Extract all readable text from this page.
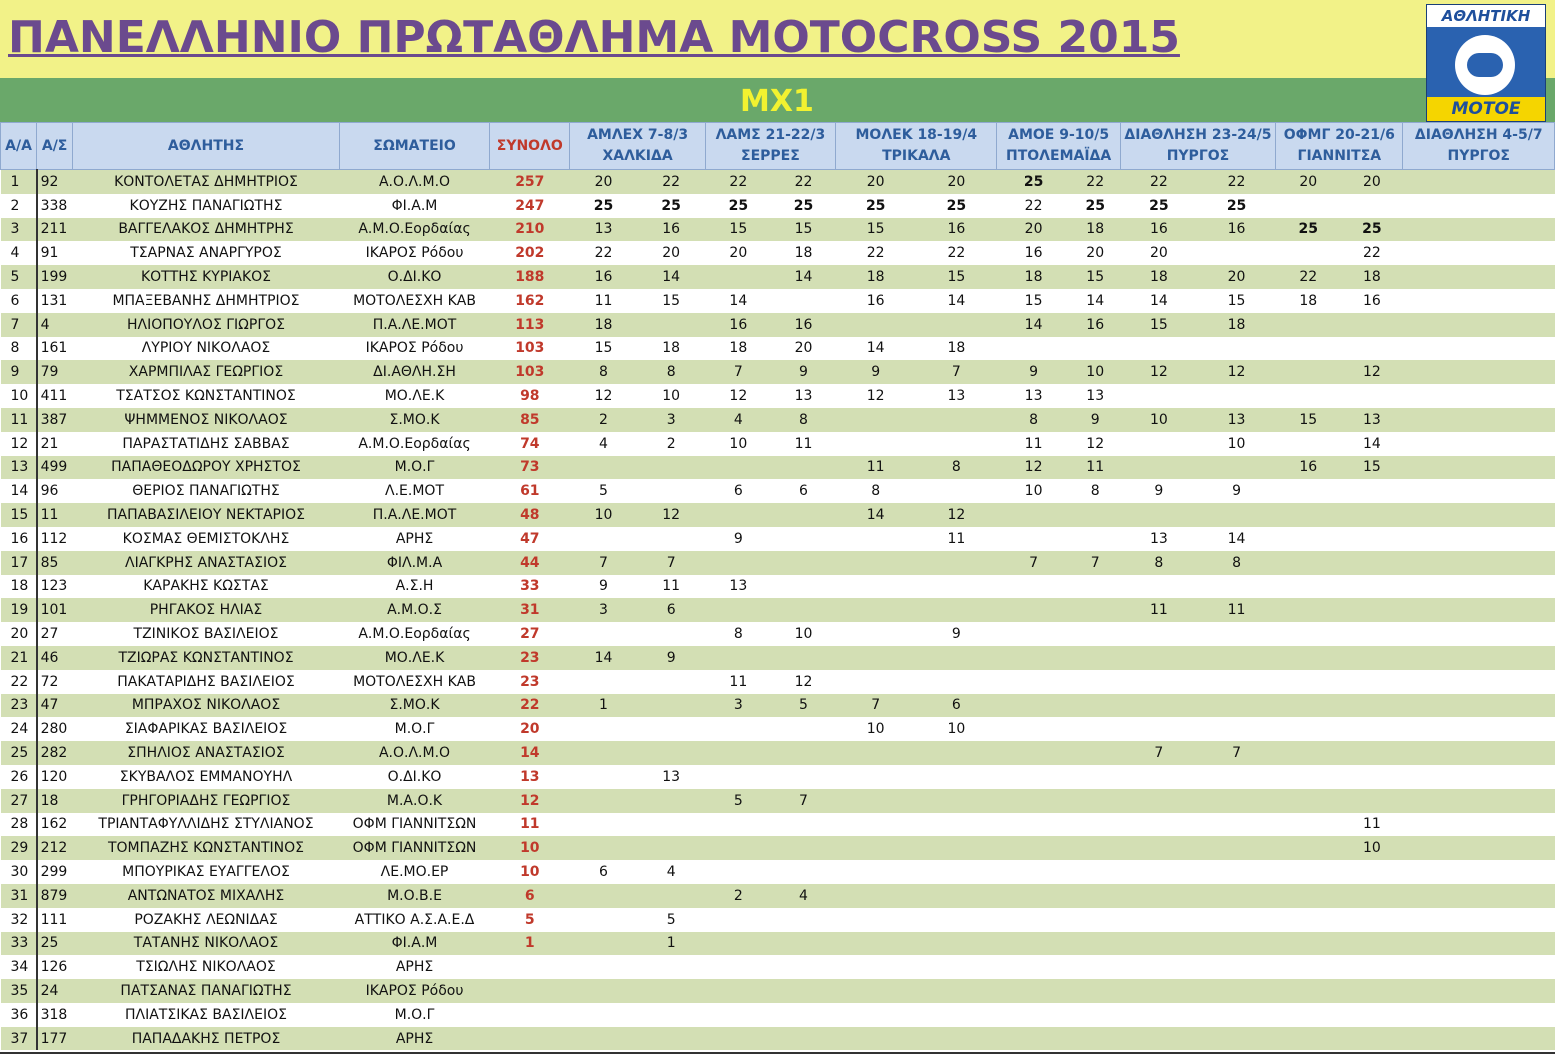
ΠΑΝΕΛΛΗΝΙΟ ΠΡΩΤΑΘΛΗΜΑ MOTOCROSS 2015
MX1
ΑΘΛΗΤΙΚΗ
ΜΟΤΟΕ
Α/Α	Α/Σ	ΑΘΛΗΤΗΣ	ΣΩΜΑΤΕΙΟ	ΣΥΝΟΛΟ	ΑΜΛΕΧ 7-8/3
ΧΑΛΚΙΔΑ		ΛΑΜΣ 21-22/3
ΣΕΡΡΕΣ		ΜΟΛΕΚ 18-19/4
ΤΡΙΚΑΛΑ		ΑΜΟΕ 9-10/5
ΠΤΟΛΕΜΑΪΔΑ		ΔΙΑΘΛΗΣΗ 23-24/5
ΠΥΡΓΟΣ		ΟΦΜΓ 20-21/6
ΓΙΑΝΝΙΤΣΑ		ΔΙΑΘΛΗΣΗ 4-5/7
ΠΥΡΓΟΣ	
1	92	ΚΟΝΤΟΛΕΤΑΣ ΔΗΜΗΤΡΙΟΣ	Α.Ο.Λ.Μ.Ο	257	20	22	22	22	20	20	25	22	22	22	20	20		
2	338	ΚΟΥΖΗΣ ΠΑΝΑΓΙΩΤΗΣ	ΦΙ.Α.Μ	247	25	25	25	25	25	25	22	25	25	25				
3	211	ΒΑΓΓΕΛΑΚΟΣ ΔΗΜΗΤΡΗΣ	Α.Μ.Ο.Εορδαίας	210	13	16	15	15	15	16	20	18	16	16	25	25		
4	91	ΤΣΑΡΝΑΣ ΑΝΑΡΓΥΡΟΣ	ΙΚΑΡΟΣ Ρόδου	202	22	20	20	18	22	22	16	20	20			22		
5	199	ΚΟΤΤΗΣ ΚΥΡΙΑΚΟΣ	Ο.ΔΙ.ΚΟ	188	16	14		14	18	15	18	15	18	20	22	18		
6	131	ΜΠΑΞΕΒΑΝΗΣ ΔΗΜΗΤΡΙΟΣ	ΜΟΤΟΛΕΣΧΗ ΚΑΒ	162	11	15	14		16	14	15	14	14	15	18	16		
7	4	ΗΛΙΟΠΟΥΛΟΣ ΓΙΩΡΓΟΣ	Π.Α.ΛΕ.ΜΟΤ	113	18		16	16			14	16	15	18				
8	161	ΛΥΡΙΟΥ ΝΙΚΟΛΑΟΣ	ΙΚΑΡΟΣ Ρόδου	103	15	18	18	20	14	18								
9	79	ΧΑΡΜΠΙΛΑΣ ΓΕΩΡΓΙΟΣ	ΔΙ.ΑΘΛΗ.ΣΗ	103	8	8	7	9	9	7	9	10	12	12		12		
10	411	ΤΣΑΤΣΟΣ ΚΩΝΣΤΑΝΤΙΝΟΣ	ΜΟ.ΛΕ.Κ	98	12	10	12	13	12	13	13	13						
11	387	ΨΗΜΜΕΝΟΣ ΝΙΚΟΛΑΟΣ	Σ.ΜΟ.Κ	85	2	3	4	8			8	9	10	13	15	13		
12	21	ΠΑΡΑΣΤΑΤΙΔΗΣ ΣΑΒΒΑΣ	Α.Μ.Ο.Εορδαίας	74	4	2	10	11			11	12		10		14		
13	499	ΠΑΠΑΘΕΟΔΩΡΟΥ ΧΡΗΣΤΟΣ	Μ.Ο.Γ	73					11	8	12	11			16	15		
14	96	ΘΕΡΙΟΣ ΠΑΝΑΓΙΩΤΗΣ	Λ.Ε.ΜΟΤ	61	5		6	6	8		10	8	9	9				
15	11	ΠΑΠΑΒΑΣΙΛΕΙΟΥ ΝΕΚΤΑΡΙΟΣ	Π.Α.ΛΕ.ΜΟΤ	48	10	12			14	12								
16	112	ΚΟΣΜΑΣ ΘΕΜΙΣΤΟΚΛΗΣ	ΑΡΗΣ	47			9			11			13	14				
17	85	ΛΙΑΓΚΡΗΣ ΑΝΑΣΤΑΣΙΟΣ	ΦΙΛ.Μ.Α	44	7	7					7	7	8	8				
18	123	ΚΑΡΑΚΗΣ ΚΩΣΤΑΣ	Α.Σ.Η	33	9	11	13											
19	101	ΡΗΓΑΚΟΣ ΗΛΙΑΣ	Α.Μ.Ο.Σ	31	3	6							11	11				
20	27	ΤΖΙΝΙΚΟΣ ΒΑΣΙΛΕΙΟΣ	Α.Μ.Ο.Εορδαίας	27			8	10		9								
21	46	ΤΖΙΩΡΑΣ ΚΩΝΣΤΑΝΤΙΝΟΣ	ΜΟ.ΛΕ.Κ	23	14	9												
22	72	ΠΑΚΑΤΑΡΙΔΗΣ ΒΑΣΙΛΕΙΟΣ	ΜΟΤΟΛΕΣΧΗ ΚΑΒ	23			11	12										
23	47	ΜΠΡΑΧΟΣ ΝΙΚΟΛΑΟΣ	Σ.ΜΟ.Κ	22	1		3	5	7	6								
24	280	ΣΙΑΦΑΡΙΚΑΣ ΒΑΣΙΛΕΙΟΣ	Μ.Ο.Γ	20					10	10								
25	282	ΣΠΗΛΙΟΣ ΑΝΑΣΤΑΣΙΟΣ	Α.Ο.Λ.Μ.Ο	14									7	7				
26	120	ΣΚΥΒΑΛΟΣ ΕΜΜΑΝΟΥΗΛ	Ο.ΔΙ.ΚΟ	13		13												
27	18	ΓΡΗΓΟΡΙΑΔΗΣ ΓΕΩΡΓΙΟΣ	Μ.Α.Ο.Κ	12			5	7										
28	162	ΤΡΙΑΝΤΑΦΥΛΛΙΔΗΣ ΣΤΥΛΙΑΝΟΣ	ΟΦΜ ΓΙΑΝΝΙΤΣΩΝ	11												11		
29	212	ΤΟΜΠΑΖΗΣ ΚΩΝΣΤΑΝΤΙΝΟΣ	ΟΦΜ ΓΙΑΝΝΙΤΣΩΝ	10												10		
30	299	ΜΠΟΥΡΙΚΑΣ ΕΥΑΓΓΕΛΟΣ	ΛΕ.ΜΟ.ΕΡ	10	6	4												
31	879	ΑΝΤΩΝΑΤΟΣ ΜΙΧΑΛΗΣ	Μ.Ο.Β.Ε	6			2	4										
32	111	ΡΟΖΑΚΗΣ ΛΕΩΝΙΔΑΣ	ΑΤΤΙΚΟ Α.Σ.Α.Ε.Δ	5		5												
33	25	ΤΑΤΑΝΗΣ ΝΙΚΟΛΑΟΣ	ΦΙ.Α.Μ	1		1												
34	126	ΤΣΙΩΛΗΣ ΝΙΚΟΛΑΟΣ	ΑΡΗΣ															
35	24	ΠΑΤΣΑΝΑΣ ΠΑΝΑΓΙΩΤΗΣ	ΙΚΑΡΟΣ Ρόδου															
36	318	ΠΛΙΑΤΣΙΚΑΣ ΒΑΣΙΛΕΙΟΣ	Μ.Ο.Γ															
37	177	ΠΑΠΑΔΑΚΗΣ ΠΕΤΡΟΣ	ΑΡΗΣ															
